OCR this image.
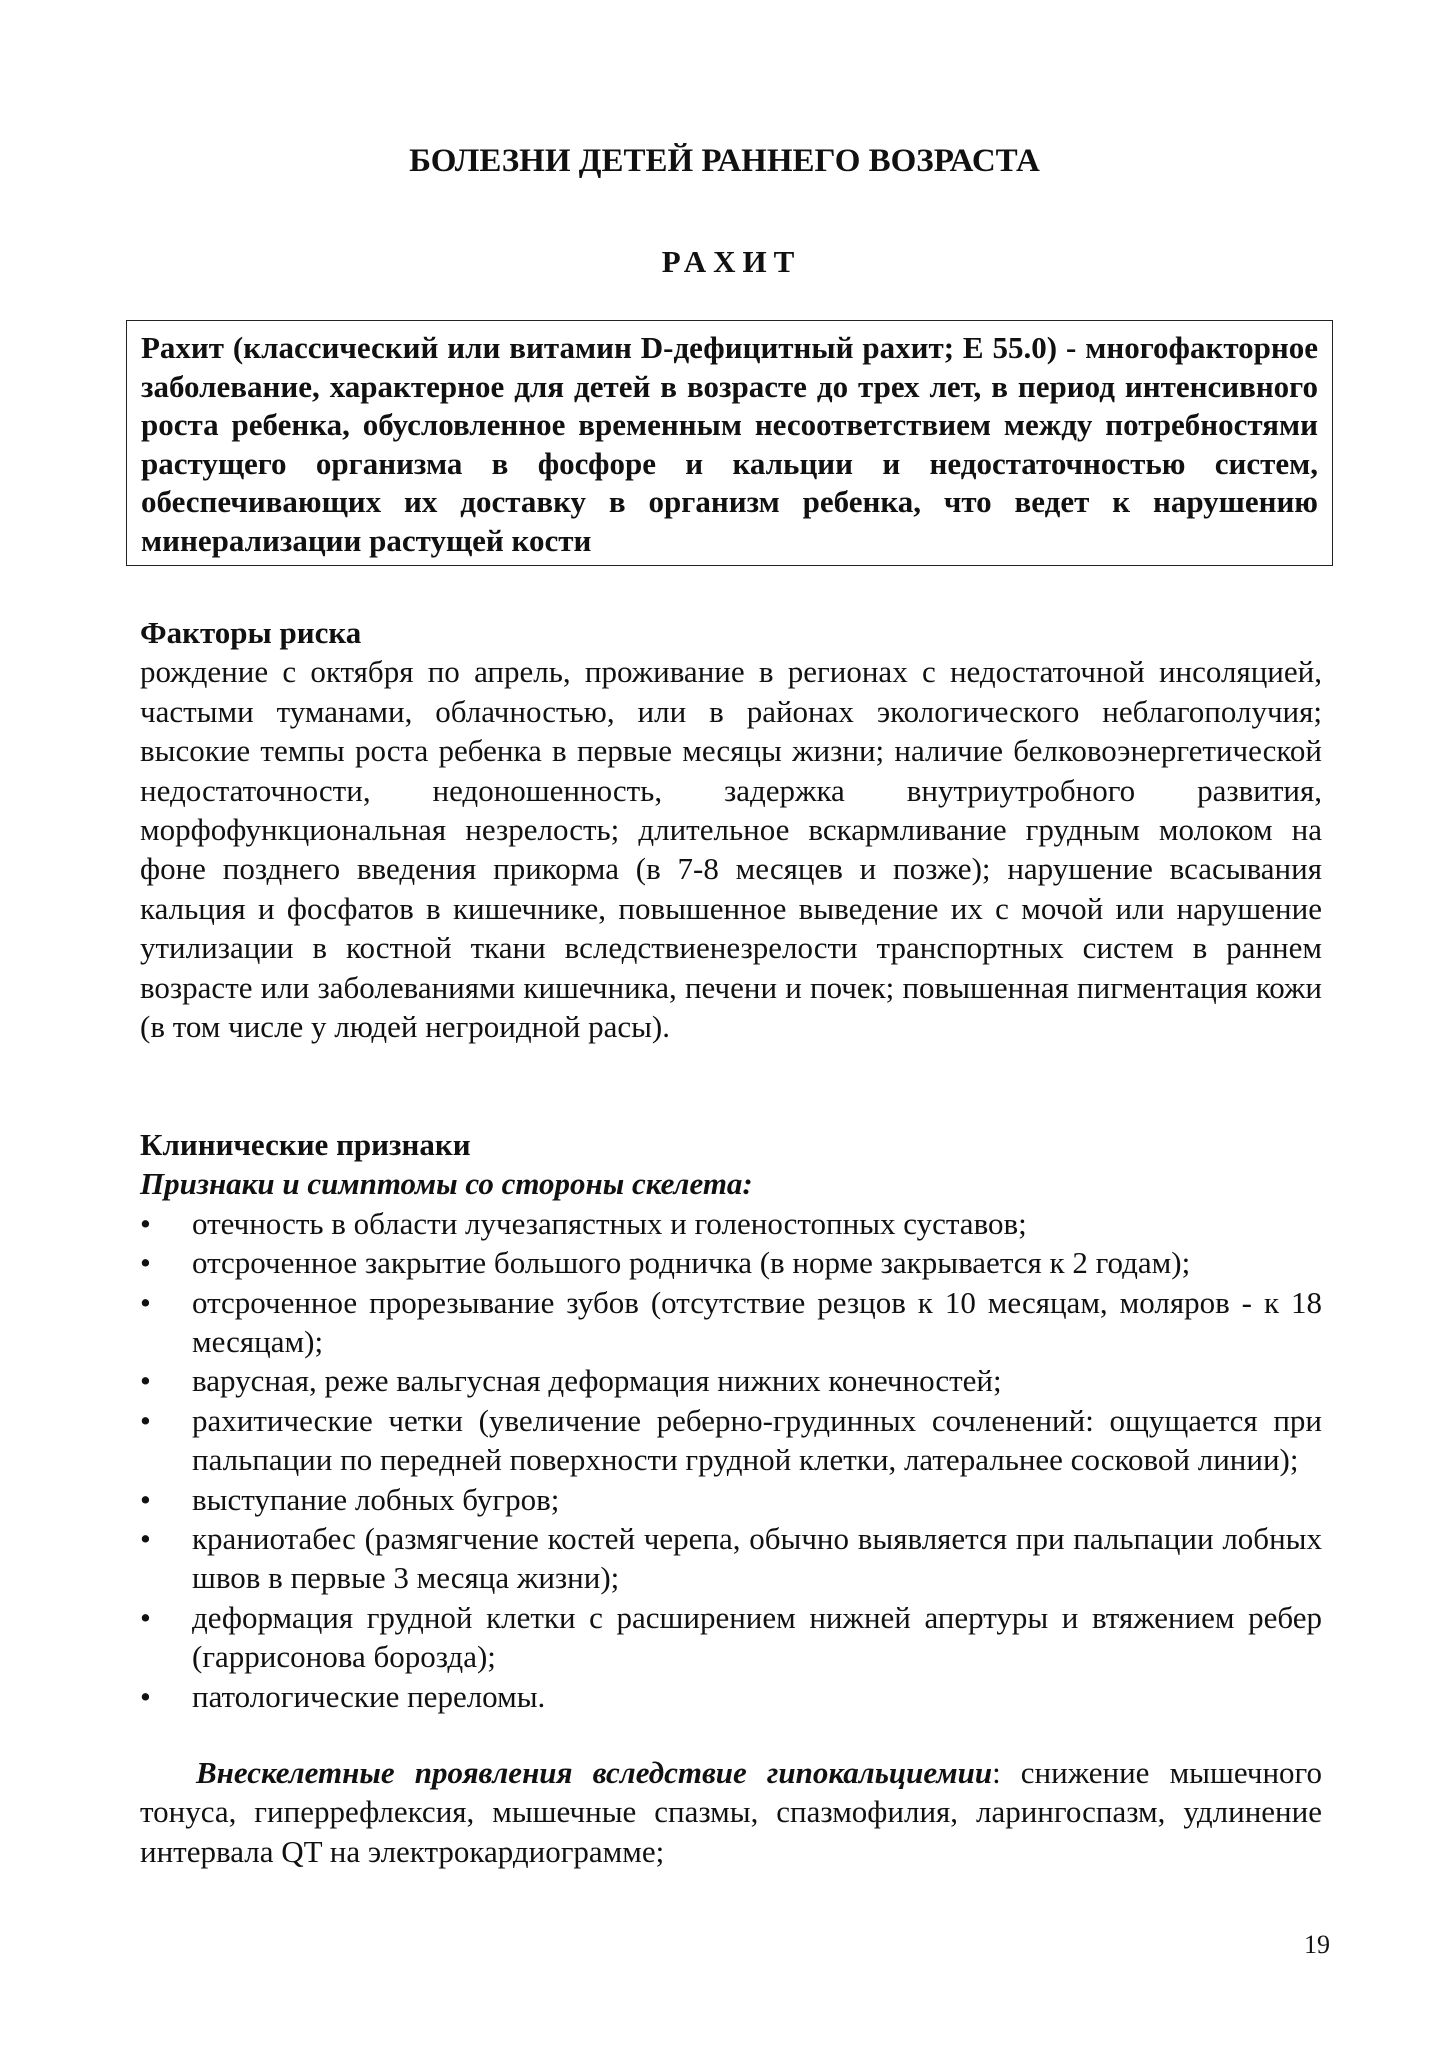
БОЛЕЗНИ ДЕТЕЙ РАННЕГО ВОЗРАСТА
РАХИТ

Рахит (классический или витамин D-дефицитный рахит; Е 55.0) - многофакторное заболевание, характерное для детей в возрасте до трех лет, в период интенсивного роста ребенка, обусловленное временным несоответствием между потребностями растущего организма в фосфоре и кальции и недостаточностью систем, обеспечивающих их доставку в организм ребенка, что ведет к нарушению минерализации растущей кости

Факторы риска

рождение с октября по апрель, проживание в регионах с недостаточной инсоляцией, частыми туманами, облачностью, или в районах экологического неблагополучия; высокие темпы роста ребенка в первые месяцы жизни; наличие белковоэнергетической недостаточности, недоношенность, задержка внутриутробного развития, морфофункциональная незрелость; длительное вскармливание грудным молоком на фоне позднего введения прикорма (в 7-8 месяцев и позже); нарушение всасывания кальция и фосфатов в кишечнике, повышенное выведение их с мочой или нарушение утилизации в костной ткани вследствиенезрелости транспортных систем в раннем возрасте или заболеваниями кишечника, печени и почек; повышенная пигментация кожи (в том числе у людей негроидной расы).

Клинические признаки

Признаки и симптомы со стороны скелета:

• отечность в области лучезапястных и голеностопных суставов;
• отсроченное закрытие большого родничка (в норме закрывается к 2 годам);
• отсроченное прорезывание зубов (отсутствие резцов к 10 месяцам, моляров - к 18 месяцам);
• варусная, реже вальгусная деформация нижних конечностей;
• рахитические четки (увеличение реберно-грудинных сочленений: ощущается при пальпации по передней поверхности грудной клетки, латеральнее сосковой линии);
• выступание лобных бугров;
• краниотабес (размягчение костей черепа, обычно выявляется при пальпации лобных швов в первые 3 месяца жизни);
• деформация грудной клетки с расширением нижней апертуры и втяжением ребер (гаррисонова борозда);
• патологические переломы.

Внескелетные проявления вследствие гипокальциемии: снижение мышечного тонуса, гиперрефлексия, мышечные спазмы, спазмофилия, ларингоспазм, удлинение интервала QT на электрокардиограмме;

19
